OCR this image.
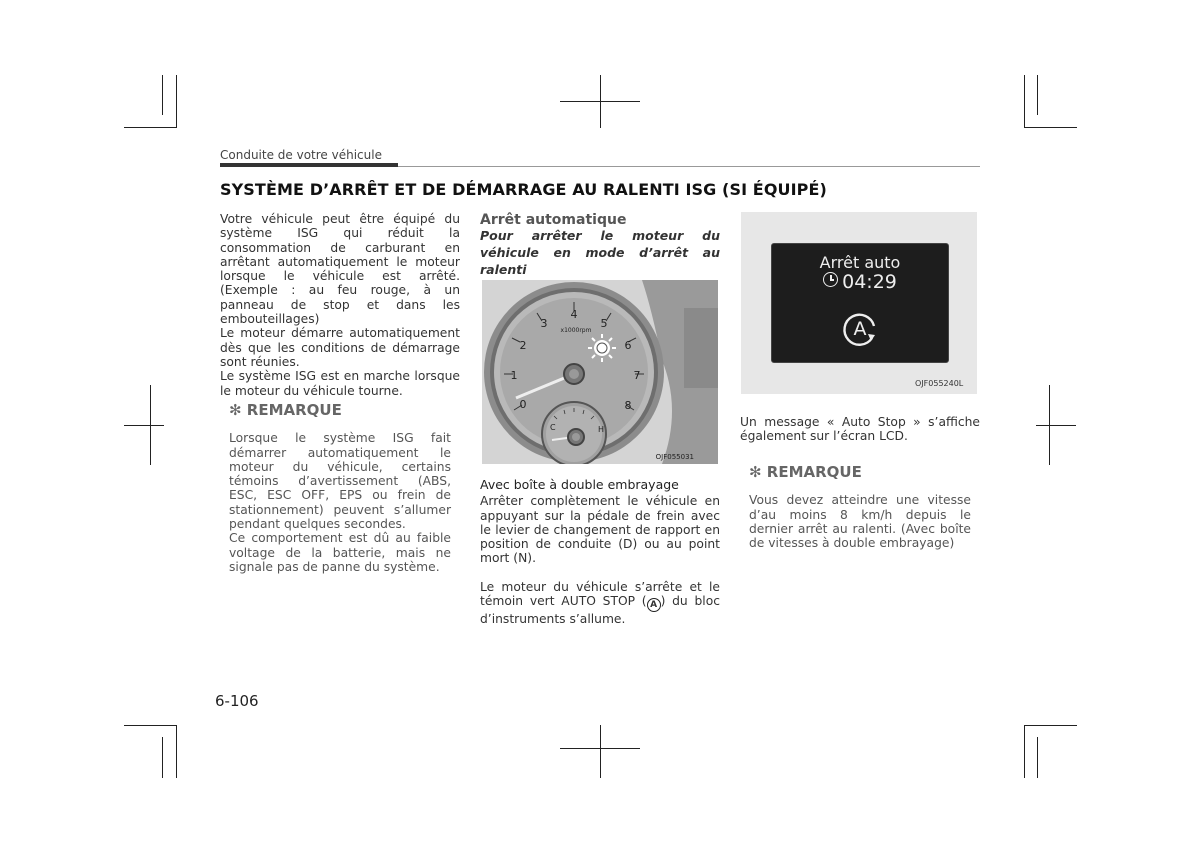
Conduite de votre véhicule
SYSTÈME D’ARRÊT ET DE DÉMARRAGE AU RALENTI ISG (SI ÉQUIPÉ)

Votre véhicule peut être équipé du système ISG qui réduit la consommation de carburant en arrêtant automatiquement le moteur lorsque le véhicule est arrêté. (Exemple : au feu rouge, à un panneau de stop et dans les embouteillages)

Le moteur démarre automatiquement dès que les conditions de démarrage sont réunies.

Le système ISG est en marche lorsque le moteur du véhicule tourne.

✻ REMARQUE

Lorsque le système ISG fait démarrer automatiquement le moteur du véhicule, certains témoins d’avertissement (ABS, ESC, ESC OFF, EPS ou frein de stationnement) peuvent s’allumer pendant quelques secondes.

Ce comportement est dû au faible voltage de la batterie, mais ne signale pas de panne du système.

Arrêt automatique
Pour arrêter le moteur du véhicule en mode d’arrêt au ralenti
0
1
2
3
4
5
6
7
8
x1000rpm
C	H
OJF055031
Avec boîte à double embrayage

Arrêter complètement le véhicule en appuyant sur la pédale de frein avec le levier de changement de rapport en position de conduite (D) ou au point mort (N).

Le moteur du véhicule s’arrête et le témoin vert AUTO STOP ( A ) du bloc d’instruments s’allume.

Arrêt auto
04:29
A
OJF055240L

Un message « Auto Stop » s’affiche également sur l’écran LCD.

✻ REMARQUE

Vous devez atteindre une vitesse d’au moins 8 km/h depuis le dernier arrêt au ralenti. (Avec boîte de vitesses à double embrayage)

6-106
